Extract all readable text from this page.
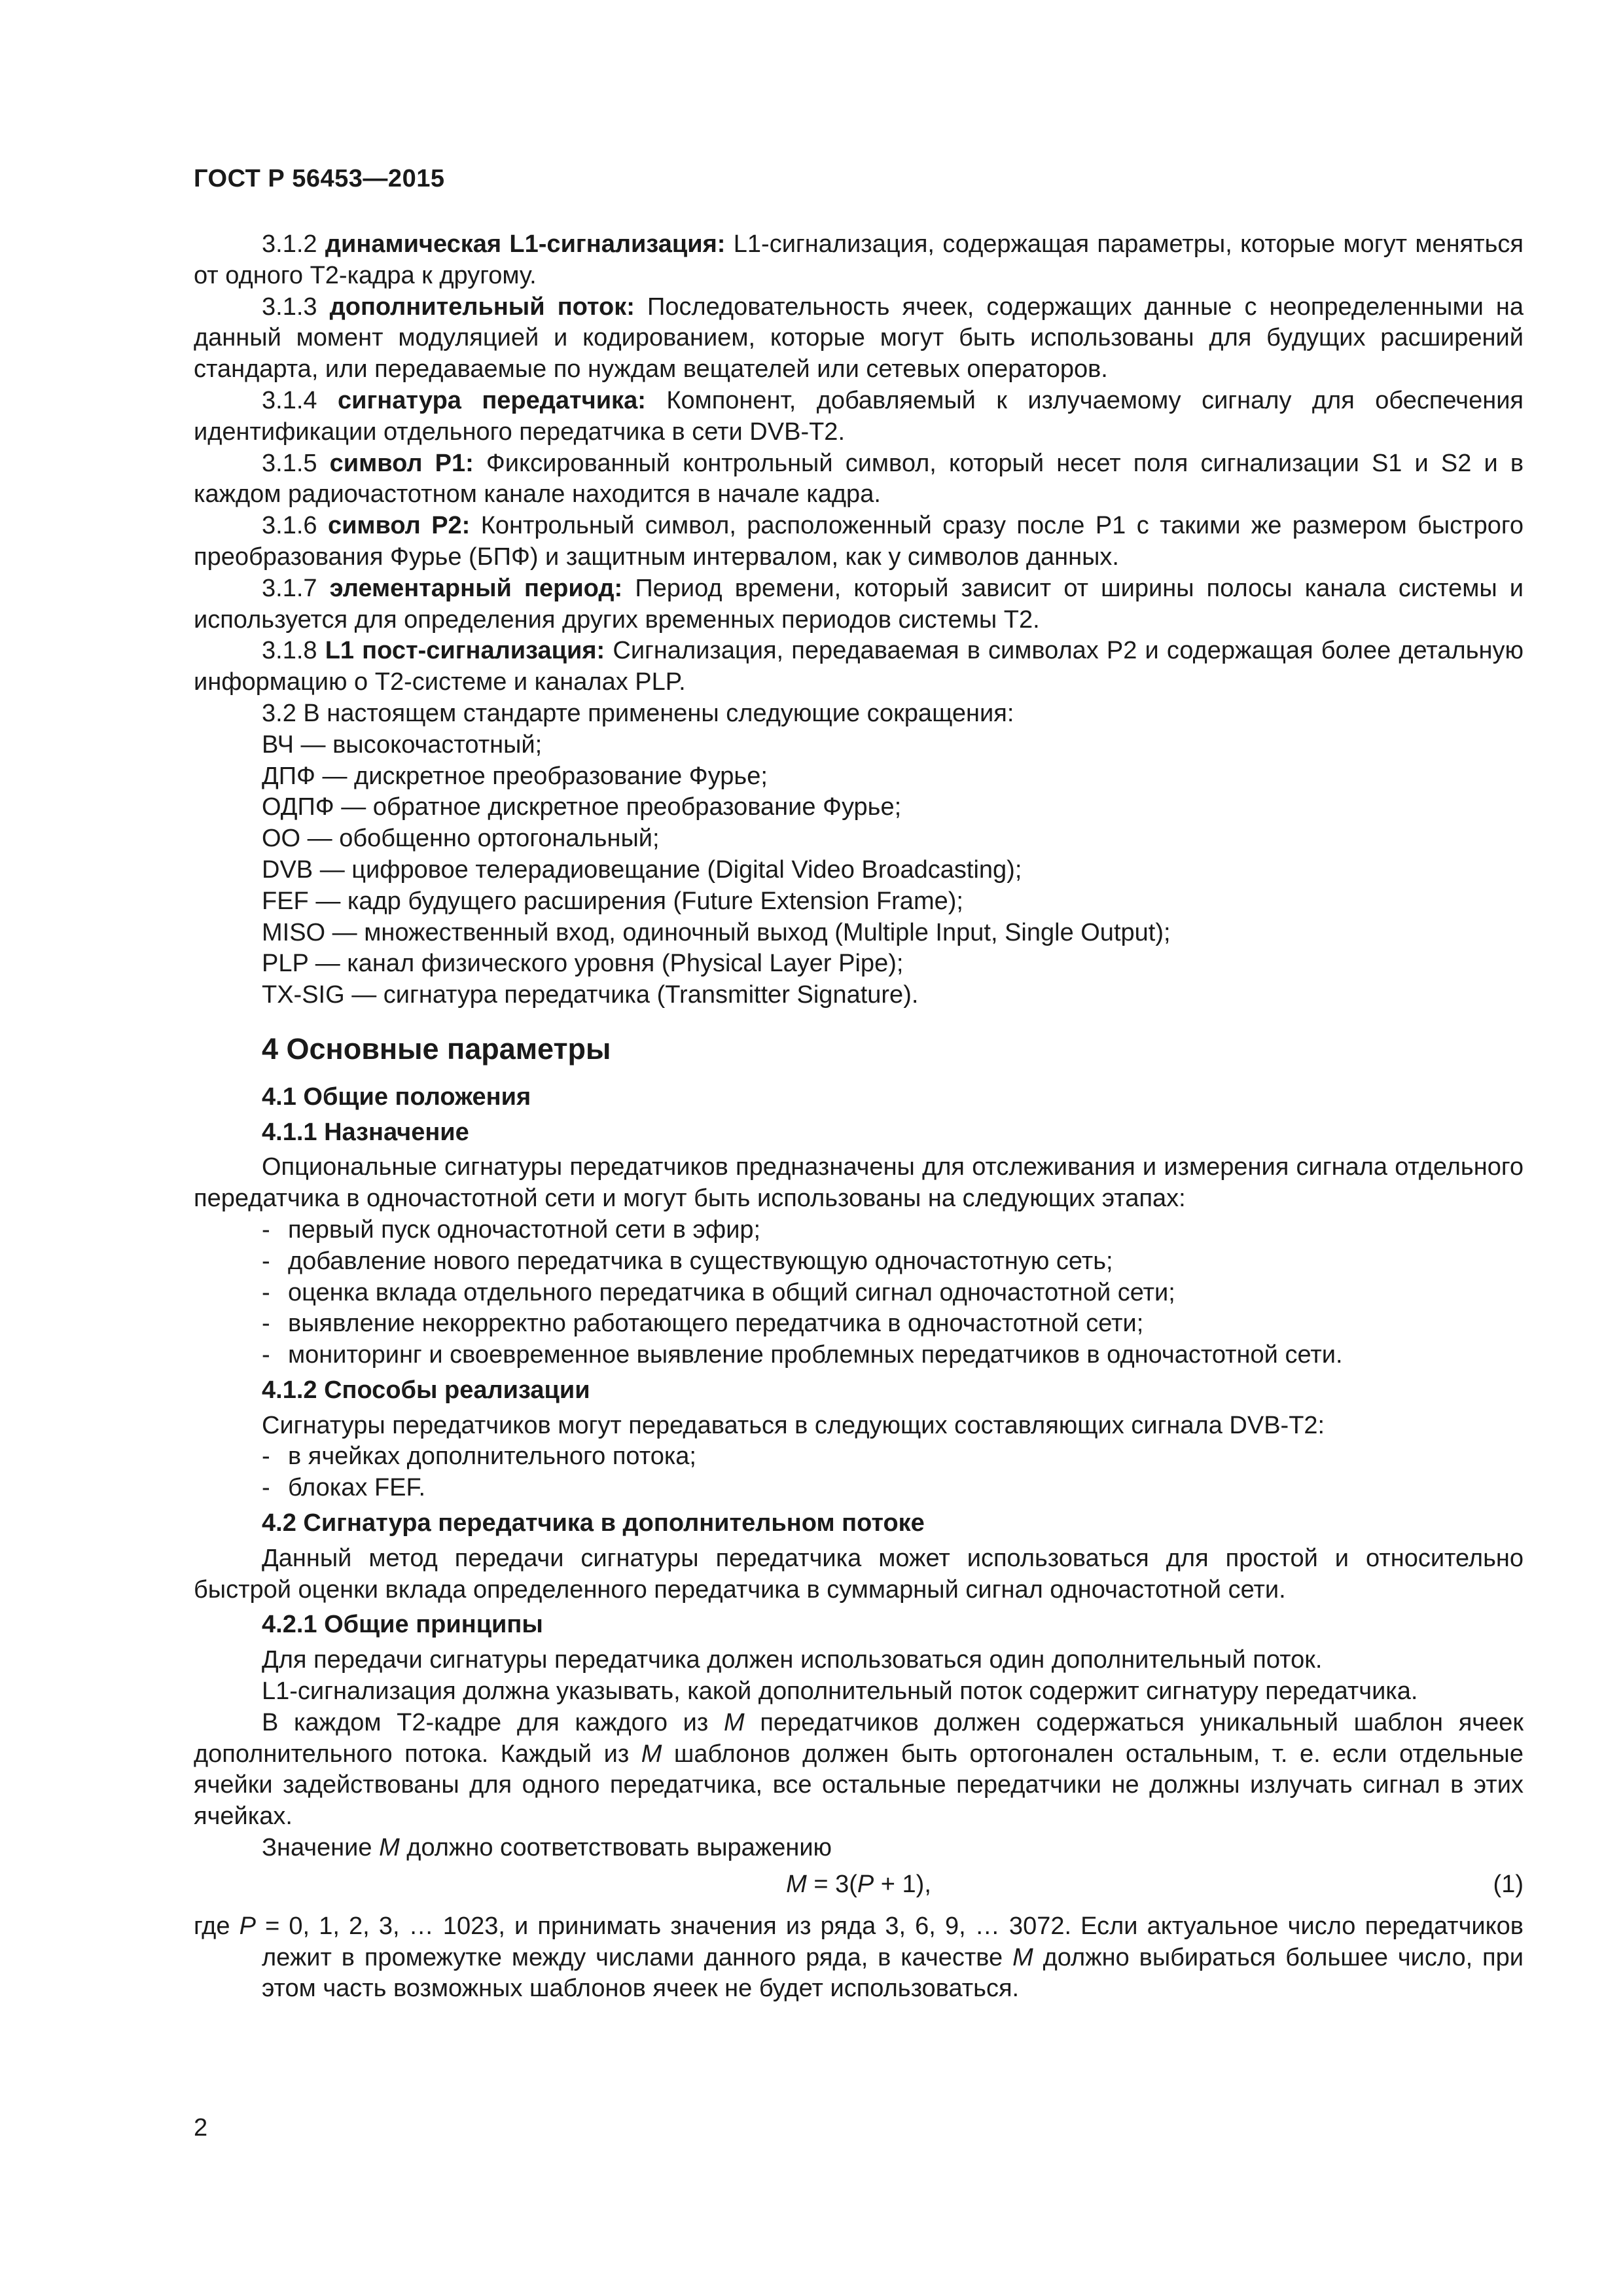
ГОСТ Р 56453—2015

3.1.2 динамическая L1-сигнализация: L1-сигнализация, содержащая параметры, которые могут меняться от одного Т2-кадра к другому.

3.1.3 дополнительный поток: Последовательность ячеек, содержащих данные с неопределенными на данный момент модуляцией и кодированием, которые могут быть использованы для будущих расширений стандарта, или передаваемые по нуждам вещателей или сетевых операторов.

3.1.4 сигнатура передатчика: Компонент, добавляемый к излучаемому сигналу для обеспечения идентификации отдельного передатчика в сети DVB-T2.

3.1.5 символ P1: Фиксированный контрольный символ, который несет поля сигнализации S1 и S2 и в каждом радиочастотном канале находится в начале кадра.

3.1.6 символ P2: Контрольный символ, расположенный сразу после P1 с такими же размером быстрого преобразования Фурье (БПФ) и защитным интервалом, как у символов данных.

3.1.7 элементарный период: Период времени, который зависит от ширины полосы канала системы и используется для определения других временных периодов системы Т2.

3.1.8 L1 пост-сигнализация: Сигнализация, передаваемая в символах P2 и содержащая более детальную информацию о Т2-системе и каналах PLP.

3.2 В настоящем стандарте применены следующие сокращения:

ВЧ — высокочастотный;

ДПФ — дискретное преобразование Фурье;

ОДПФ — обратное дискретное преобразование Фурье;

ОО — обобщенно ортогональный;

DVB — цифровое телерадиовещание (Digital Video Broadcasting);

FEF — кадр будущего расширения (Future Extension Frame);

MISO — множественный вход, одиночный выход (Multiple Input, Single Output);

PLP — канал физического уровня (Physical Layer Pipe);

TX-SIG — сигнатура передатчика (Transmitter Signature).

4 Основные параметры
4.1 Общие положения
4.1.1 Назначение

Опциональные сигнатуры передатчиков предназначены для отслеживания и измерения сигнала отдельного передатчика в одночастотной сети и могут быть использованы на следующих этапах:

- первый пуск одночастотной сети в эфир;

- добавление нового передатчика в существующую одночастотную сеть;

- оценка вклада отдельного передатчика в общий сигнал одночастотной сети;

- выявление некорректно работающего передатчика в одночастотной сети;

- мониторинг и своевременное выявление проблемных передатчиков в одночастотной сети.

4.1.2 Способы реализации

Сигнатуры передатчиков могут передаваться в следующих составляющих сигнала DVB-T2:

- в ячейках дополнительного потока;

- блоках FEF.

4.2 Сигнатура передатчика в дополнительном потоке

Данный метод передачи сигнатуры передатчика может использоваться для простой и относительно быстрой оценки вклада определенного передатчика в суммарный сигнал одночастотной сети.

4.2.1 Общие принципы

Для передачи сигнатуры передатчика должен использоваться один дополнительный поток.

L1-сигнализация должна указывать, какой дополнительный поток содержит сигнатуру передатчика.

В каждом Т2-кадре для каждого из M передатчиков должен содержаться уникальный шаблон ячеек дополнительного потока. Каждый из M шаблонов должен быть ортогонален остальным, т. е. если отдельные ячейки задействованы для одного передатчика, все остальные передатчики не должны излучать сигнал в этих ячейках.

Значение M должно соответствовать выражению

M = 3(P + 1),	(1)

где P = 0, 1, 2, 3, … 1023, и принимать значения из ряда 3, 6, 9, … 3072. Если актуальное число передатчиков лежит в промежутке между числами данного ряда, в качестве M должно выбираться большее число, при этом часть возможных шаблонов ячеек не будет использоваться.

2
